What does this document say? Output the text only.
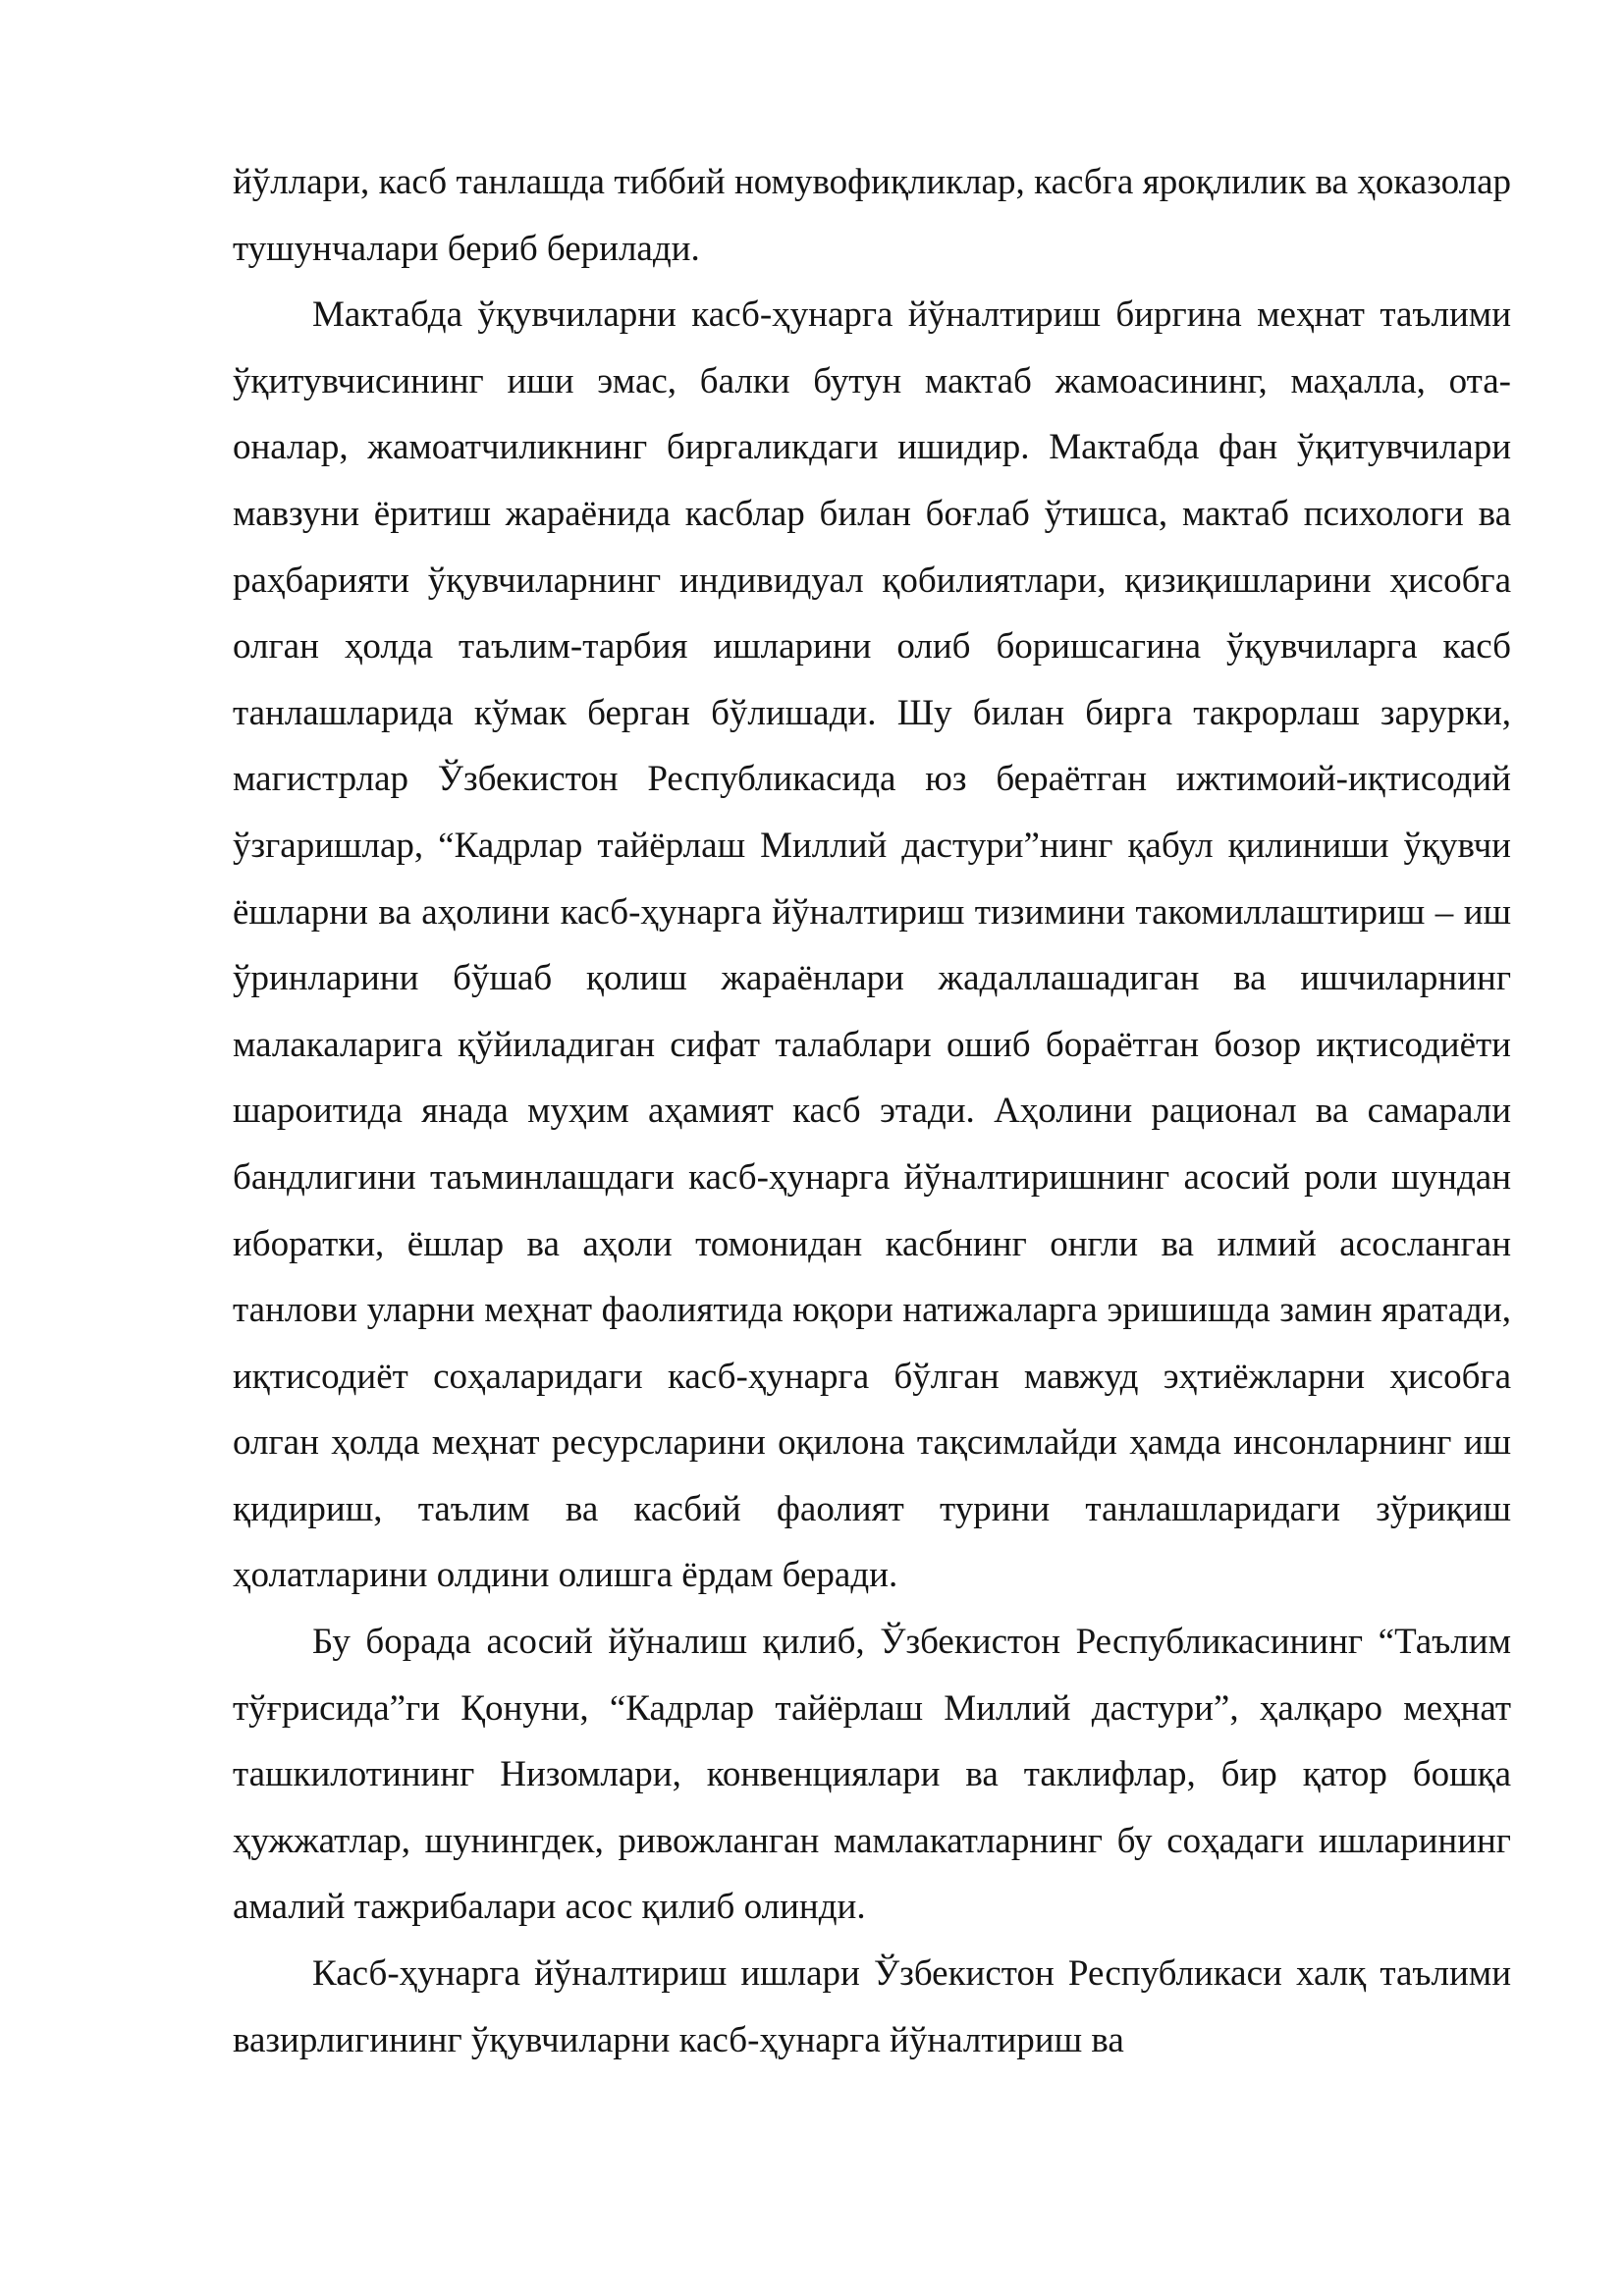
йўллари, касб танлашда тиббий номувофиқликлар, касбга яроқлилик ва ҳоказолар тушунчалари бериб берилади.

Мактабда ўқувчиларни касб-ҳунарга йўналтириш биргина меҳнат таълими ўқитувчисининг иши эмас, балки бутун мактаб жамоасининг, маҳалла, ота-оналар, жамоатчиликнинг биргаликдаги ишидир. Мактабда фан ўқитувчилари мавзуни ёритиш жараёнида касблар билан боғлаб ўтишса, мактаб психологи ва раҳбарияти ўқувчиларнинг индивидуал қобилиятлари, қизиқишларини ҳисобга олган ҳолда таълим-тарбия ишларини олиб боришсагина ўқувчиларга касб танлашларида кўмак берган бўлишади. Шу билан бирга такрорлаш зарурки, магистрлар Ўзбекистон Республикасида юз бераётган ижтимоий-иқтисодий ўзгаришлар, “Кадрлар тайёрлаш Миллий дастури”нинг қабул қилиниши ўқувчи ёшларни ва аҳолини касб-ҳунарга йўналтириш тизимини такомиллаштириш – иш ўринларини бўшаб қолиш жараёнлари жадаллашадиган ва ишчиларнинг малакаларига қўйиладиган сифат талаблари ошиб бораётган бозор иқтисодиёти шароитида янада муҳим аҳамият касб этади. Аҳолини рационал ва самарали бандлигини таъминлашдаги касб-ҳунарга йўналтиришнинг асосий роли шундан иборатки, ёшлар ва аҳоли томонидан касбнинг онгли ва илмий асосланган танлови уларни меҳнат фаолиятида юқори натижаларга эришишда замин яратади, иқтисодиёт соҳаларидаги касб-ҳунарга бўлган мавжуд эҳтиёжларни ҳисобга олган ҳолда меҳнат ресурсларини оқилона тақсимлайди ҳамда инсонларнинг иш қидириш, таълим ва касбий фаолият турини танлашларидаги зўриқиш ҳолатларини олдини олишга ёрдам беради.

Бу борада асосий йўналиш қилиб, Ўзбекистон Республикасининг “Таълим тўғрисида”ги Қонуни, “Кадрлар тайёрлаш Миллий дастури”, ҳалқаро меҳнат ташкилотининг Низомлари, конвенциялари ва таклифлар, бир қатор бошқа ҳужжатлар, шунингдек, ривожланган мамлакатларнинг бу соҳадаги ишларининг амалий тажрибалари асос қилиб олинди.

Касб-ҳунарга йўналтириш ишлари Ўзбекистон Республикаси халқ таълими вазирлигининг ўқувчиларни касб-ҳунарга йўналтириш ва
